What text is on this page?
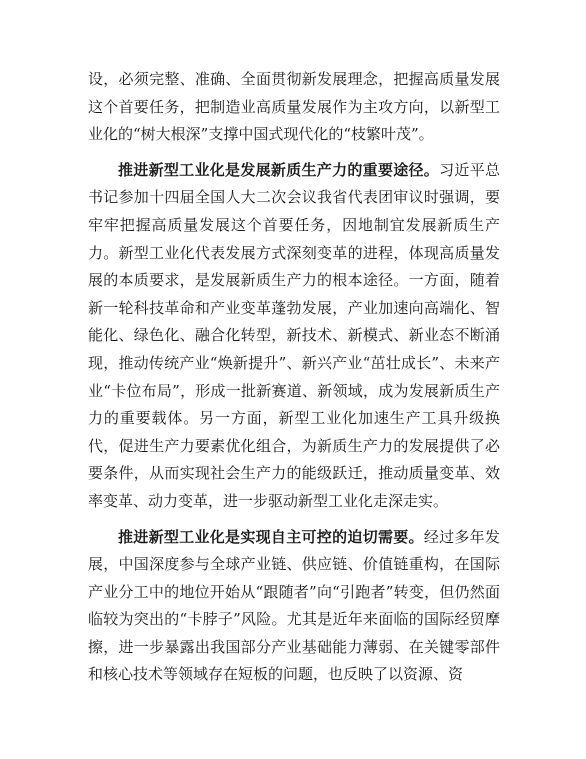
设，必须完整、准确、全面贯彻新发展理念，把握高质量发展这个首要任务，把制造业高质量发展作为主攻方向，以新型工业化的“树大根深”支撑中国式现代化的“枝繁叶茂”。

推进新型工业化是发展新质生产力的重要途径。习近平总书记参加十四届全国人大二次会议我省代表团审议时强调，要牢牢把握高质量发展这个首要任务，因地制宜发展新质生产力。新型工业化代表发展方式深刻变革的进程，体现高质量发展的本质要求，是发展新质生产力的根本途径。一方面，随着新一轮科技革命和产业变革蓬勃发展，产业加速向高端化、智能化、绿色化、融合化转型，新技术、新模式、新业态不断涌现，推动传统产业“焕新提升”、新兴产业“茁壮成长”、未来产业“卡位布局”，形成一批新赛道、新领域，成为发展新质生产力的重要载体。另一方面，新型工业化加速生产工具升级换代，促进生产力要素优化组合，为新质生产力的发展提供了必要条件，从而实现社会生产力的能级跃迁，推动质量变革、效率变革、动力变革，进一步驱动新型工业化走深走实。

推进新型工业化是实现自主可控的迫切需要。经过多年发展，中国深度参与全球产业链、供应链、价值链重构，在国际产业分工中的地位开始从“跟随者”向“引跑者”转变，但仍然面临较为突出的“卡脖子”风险。尤其是近年来面临的国际经贸摩擦，进一步暴露出我国部分产业基础能力薄弱、在关键零部件和核心技术等领域存在短板的问题，也反映了以资源、资
